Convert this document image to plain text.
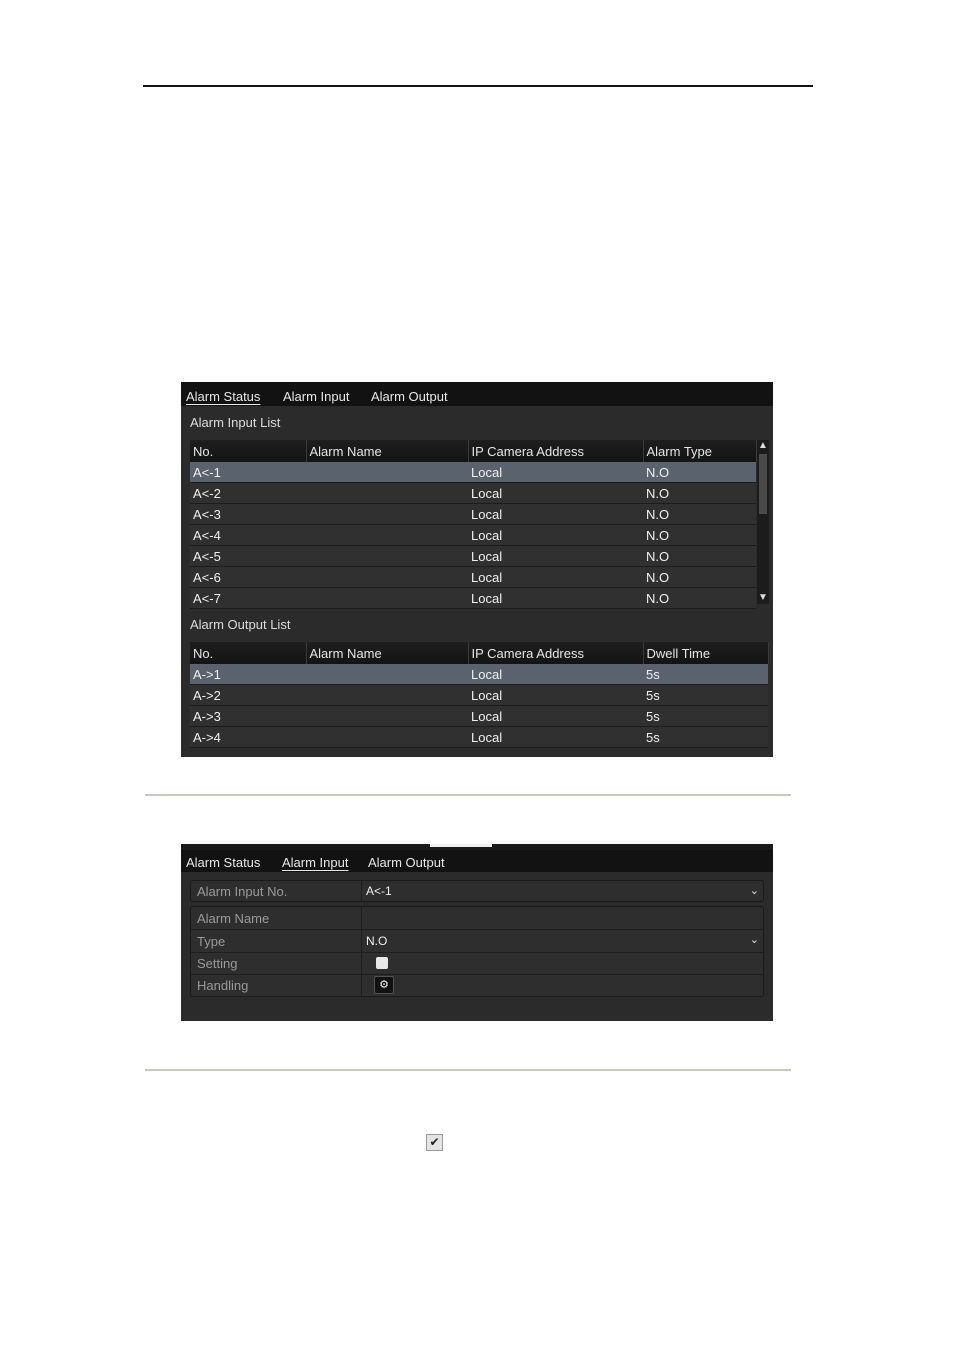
Alarm Status Alarm Input Alarm Output
Alarm Input List
No.	Alarm Name	IP Camera Address	Alarm Type
A<-1		Local	N.O
A<-2		Local	N.O
A<-3		Local	N.O
A<-4		Local	N.O
A<-5		Local	N.O
A<-6		Local	N.O
A<-7		Local	N.O
▲
▼
Alarm Output List
No.	Alarm Name	IP Camera Address	Dwell Time
A->1		Local	5s
A->2		Local	5s
A->3		Local	5s
A->4		Local	5s
Alarm Status Alarm Input Alarm Output
Alarm Input No.	A<-1	⌄
Alarm Name
Type	N.O	⌄
Setting
Handling	⚙
✔
